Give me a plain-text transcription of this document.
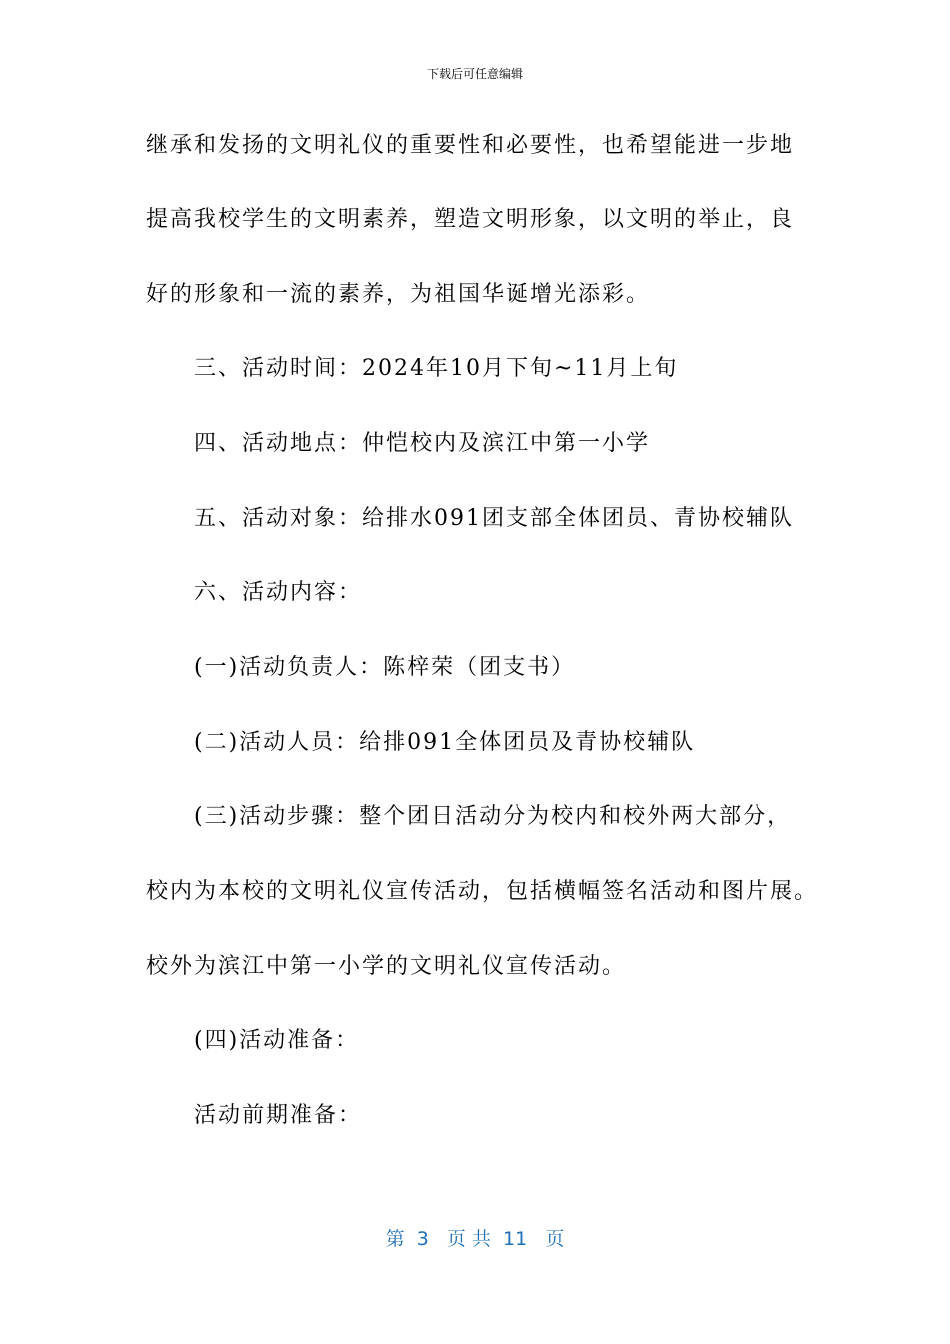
下载后可任意编辑
继承和发扬的文明礼仪的重要性和必要性，也希望能进一步地
提高我校学生的文明素养，塑造文明形象，以文明的举止，良
好的形象和一流的素养，为祖国华诞增光添彩。
三、活动时间：2024年10月下旬~11月上旬
四、活动地点：仲恺校内及滨江中第一小学
五、活动对象：给排水091团支部全体团员、青协校辅队
六、活动内容：
(一)活动负责人：陈梓荣（团支书）
(二)活动人员：给排091全体团员及青协校辅队
(三)活动步骤：整个团日活动分为校内和校外两大部分，
校内为本校的文明礼仪宣传活动，包括横幅签名活动和图片展。
校外为滨江中第一小学的文明礼仪宣传活动。
(四)活动准备：
活动前期准备：
第  3   页 共  11   页
